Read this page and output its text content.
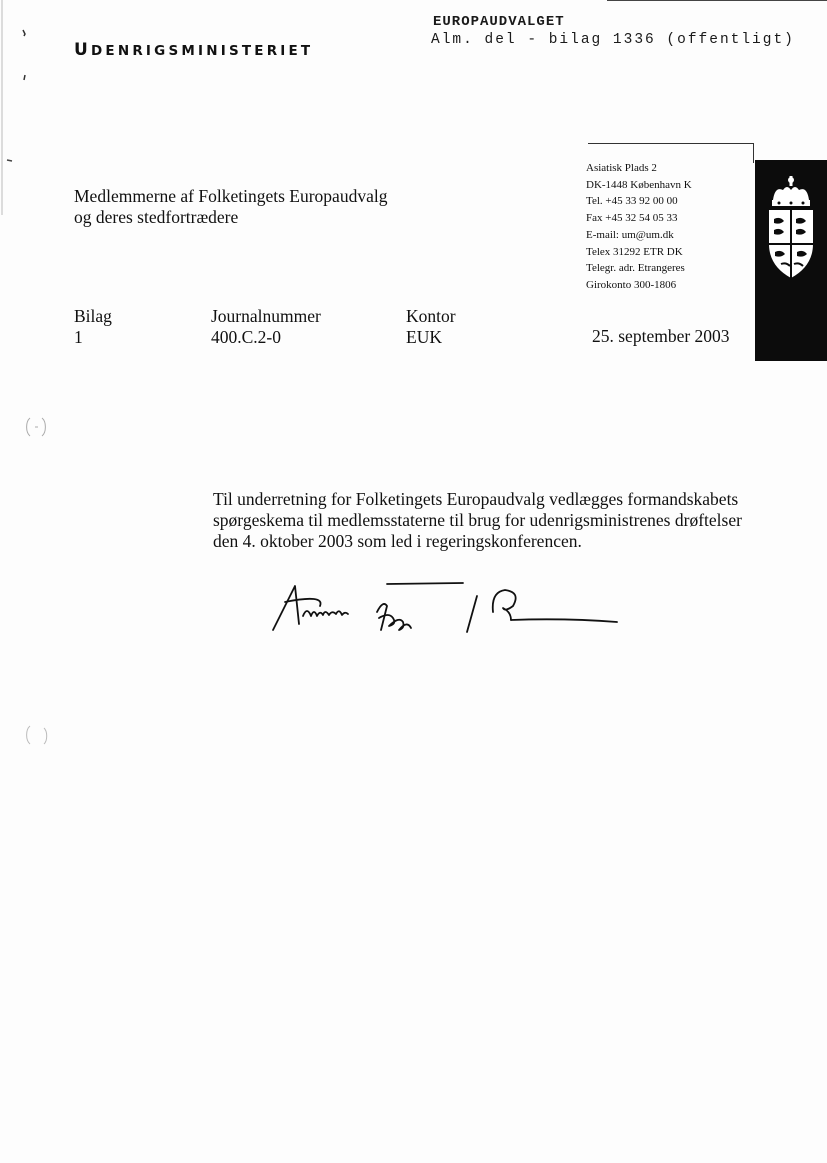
EUROPAUDVALGET
Alm. del - bilag 1336 (offentligt)
UDENRIGSMINISTERIET
Medlemmerne af Folketingets Europaudvalg
og deres stedfortrædere
Asiatisk Plads 2
DK-1448 København K
Tel. +45 33 92 00 00
Fax +45 32 54 05 33
E-mail: um@um.dk
Telex 31292 ETR DK
Telegr. adr. Etrangeres
Girokonto 300-1806
Bilag
1
Journalnummer
400.C.2-0
Kontor
EUK	25. september 2003
Til underretning for Folketingets Europaudvalg vedlægges formandskabets
spørgeskema til medlemsstaterne til brug for udenrigsministrenes drøftelser
den 4. oktober 2003 som led i regeringskonferencen.
